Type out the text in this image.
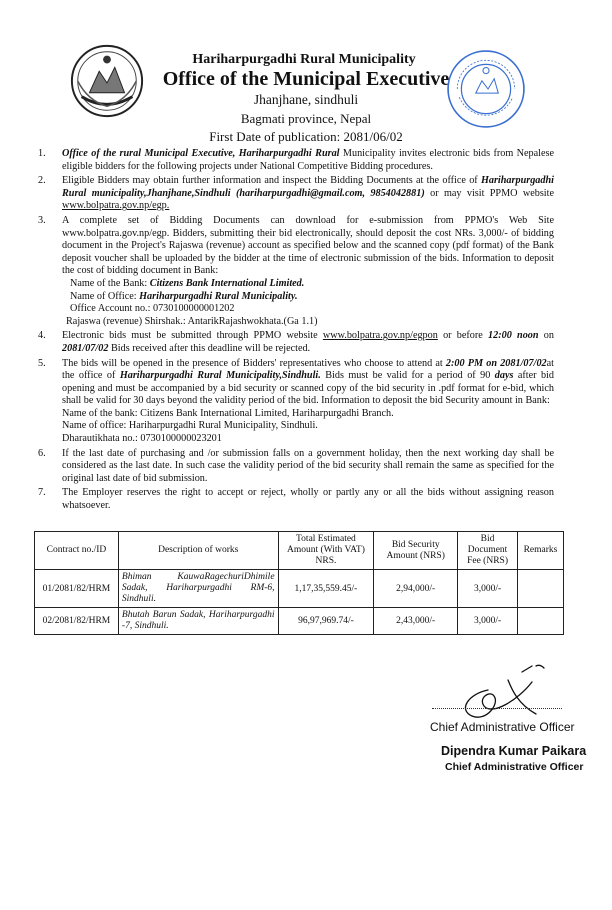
Hariharpurgadhi Rural Municipality
Office of the Municipal Executive
Jhanjhane, sindhuli
Bagmati province, Nepal
First Date of publication: 2081/06/02
1. Office of the rural Municipal Executive, Hariharpurgadhi Rural Municipality invites electronic bids from Nepalese eligible bidders for the following projects under National Competitive Bidding procedures.
2. Eligible Bidders may obtain further information and inspect the Bidding Documents at the office of Hariharpurgadhi Rural municipality,Jhanjhane,Sindhuli (hariharpurgadhi@gmail.com, 9854042881) or may visit PPMO website www.bolpatra.gov.np/egp.
3. A complete set of Bidding Documents can download for e-submission from PPMO's Web Site www.bolpatra.gov.np/egp. Bidders, submitting their bid electronically, should deposit the cost NRs. 3,000/- of bidding document in the Project's Rajaswa (revenue) account as specified below and the scanned copy (pdf format) of the Bank deposit voucher shall be uploaded by the bidder at the time of electronic submission of the bids. Information to deposit the cost of bidding document in Bank:
Name of the Bank: Citizens Bank International Limited.
Name of Office: Hariharpurgadhi Rural Municipality.
Office Account no.: 0730100000001202
Rajaswa (revenue) Shirshak.: AntarikRajashwokhata.(Ga 1.1)
4. Electronic bids must be submitted through PPMO website www.bolpatra.gov.np/egpon or before 12:00 noon on 2081/07/02 Bids received after this deadline will be rejected.
5. The bids will be opened in the presence of Bidders' representatives who choose to attend at 2:00 PM on 2081/07/02at the office of Hariharpurgadhi Rural Municipality,Sindhuli. Bids must be valid for a period of 90 days after bid opening and must be accompanied by a bid security or scanned copy of the bid security in .pdf format for e-bid, which shall be valid for 30 days beyond the validity period of the bid. Information to deposit the bid Security amount in Bank:
Name of the bank: Citizens Bank International Limited, Hariharpurgadhi Branch.
Name of office: Hariharpurgadhi Rural Municipality, Sindhuli.
Dharautikhata no.: 0730100000023201
6. If the last date of purchasing and /or submission falls on a government holiday, then the next working day shall be considered as the last date. In such case the validity period of the bid security shall remain the same as specified for the original last date of bid submission.
7. The Employer reserves the right to accept or reject, wholly or partly any or all the bids without assigning reason whatsoever.
Contract no./ID	Description of works	Total Estimated Amount (With VAT) NRS.	Bid Security Amount (NRS)	Bid Document Fee (NRS)	Remarks
01/2081/82/HRM	Bhiman KauwaRagechuriDhimile Sadak, Hariharpurgadhi RM-6, Sindhuli.	1,17,35,559.45/-	2,94,000/-	3,000/-	
02/2081/82/HRM	Bhutah Barun Sadak, Hariharpurgadhi -7, Sindhuli.	96,97,969.74/-	2,43,000/-	3,000/-	
Chief Administrative Officer
Dipendra Kumar Paikara
Chief Administrative Officer
